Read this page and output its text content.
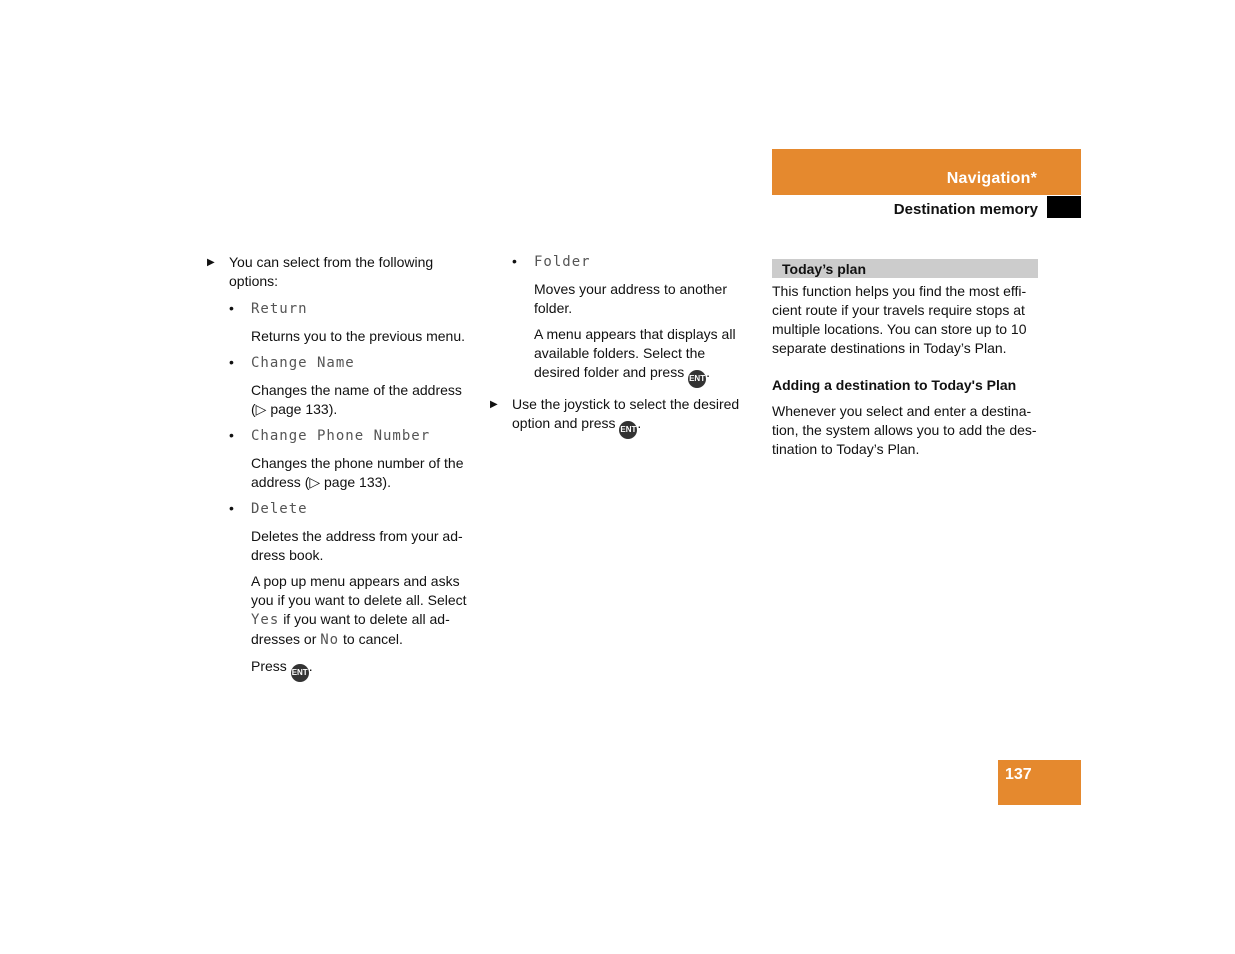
Navigation*
Destination memory
▶ You can select from the following options:
• Return

Returns you to the previous menu.

• Change Name

Changes the name of the address (▷ page 133).

• Change Phone Number

Changes the phone number of the address (▷ page 133).

• Delete

Deletes the address from your ad-dress book.

A pop up menu appears and asks you if you want to delete all. Select Yes if you want to delete all ad-dresses or No to cancel.

Press ENT.

• Folder

Moves your address to another folder.

A menu appears that displays all available folders. Select the desired folder and press ENT.

▶ Use the joystick to select the desired option and press ENT.
Today’s plan

This function helps you find the most effi-cient route if your travels require stops at multiple locations. You can store up to 10 separate destinations in Today’s Plan.

Adding a destination to Today's Plan

Whenever you select and enter a destina-tion, the system allows you to add the des-tination to Today’s Plan.

137
